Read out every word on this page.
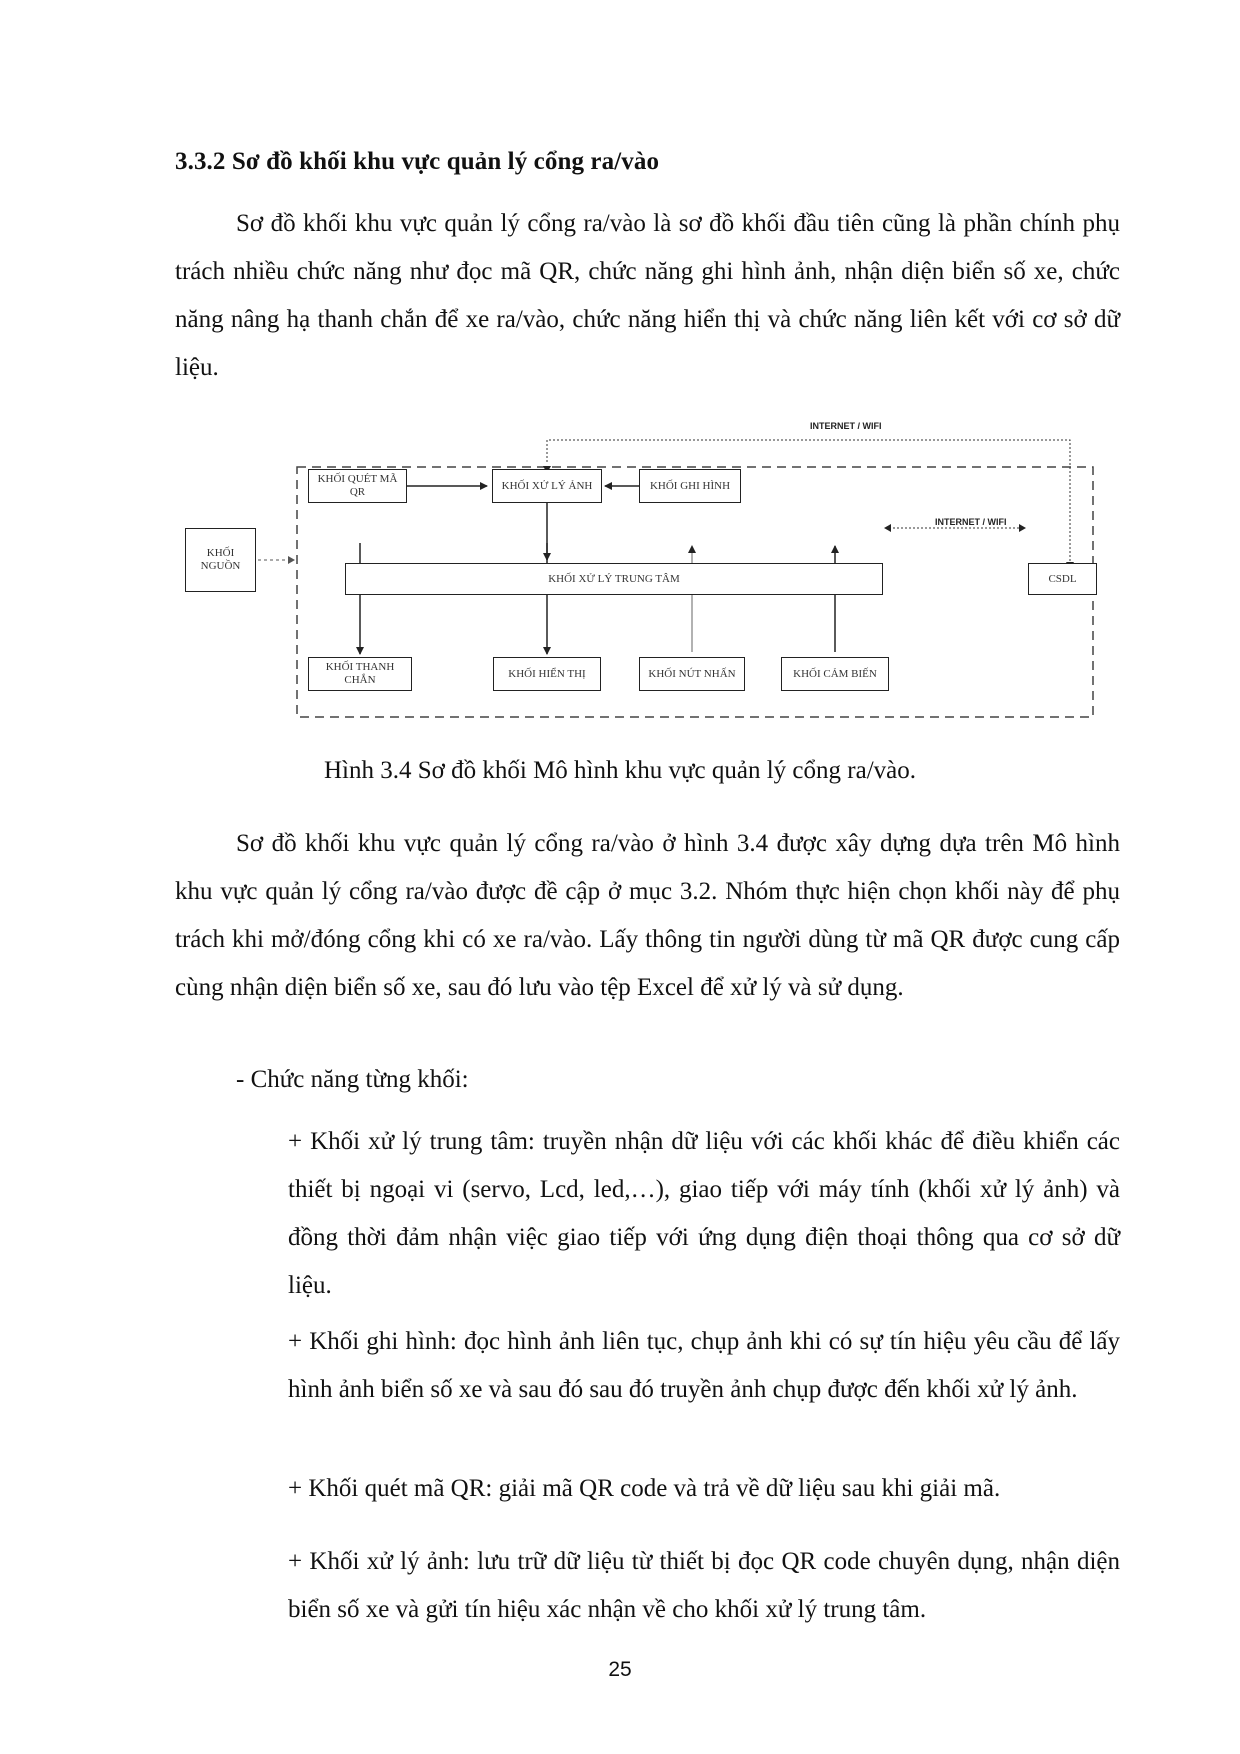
3.3.2 Sơ đồ khối khu vực quản lý cổng ra/vào

Sơ đồ khối khu vực quản lý cổng ra/vào là sơ đồ khối đầu tiên cũng là phần chính phụ trách nhiều chức năng như đọc mã QR, chức năng ghi hình ảnh, nhận diện biển số xe, chức năng nâng hạ thanh chắn để xe ra/vào, chức năng hiển thị và chức năng liên kết với cơ sở dữ liệu.

INTERNET / WIFI
INTERNET / WIFI
KHỐI QUÉT MÃ QR
KHỐI XỬ LÝ ẢNH	KHỐI GHI HÌNH
KHỐI XỬ LÝ TRUNG TÂM	CSDL
KHỐI
NGUỒN
KHỐI THANH CHẮN
KHỐI HIỂN THỊ	KHỐI NÚT NHẤN	KHỐI CẢM BIẾN
Hình 3.4 Sơ đồ khối Mô hình khu vực quản lý cổng ra/vào.

Sơ đồ khối khu vực quản lý cổng ra/vào ở hình 3.4 được xây dựng dựa trên Mô hình khu vực quản lý cổng ra/vào được đề cập ở mục 3.2. Nhóm thực hiện chọn khối này để phụ trách khi mở/đóng cổng khi có xe ra/vào. Lấy thông tin người dùng từ mã QR được cung cấp cùng nhận diện biển số xe, sau đó lưu vào tệp Excel để xử lý và sử dụng.

- Chức năng từng khối:

+ Khối xử lý trung tâm: truyền nhận dữ liệu với các khối khác để điều khiển các thiết bị ngoại vi (servo, Lcd, led,…), giao tiếp với máy tính (khối xử lý ảnh) và đồng thời đảm nhận việc giao tiếp với ứng dụng điện thoại thông qua cơ sở dữ liệu.

+ Khối ghi hình: đọc hình ảnh liên tục, chụp ảnh khi có sự tín hiệu yêu cầu để lấy hình ảnh biển số xe và sau đó sau đó truyền ảnh chụp được đến khối xử lý ảnh.

+ Khối quét mã QR: giải mã QR code và trả về dữ liệu sau khi giải mã.

+ Khối xử lý ảnh: lưu trữ dữ liệu từ thiết bị đọc QR code chuyên dụng, nhận diện biển số xe và gửi tín hiệu xác nhận về cho khối xử lý trung tâm.

25
